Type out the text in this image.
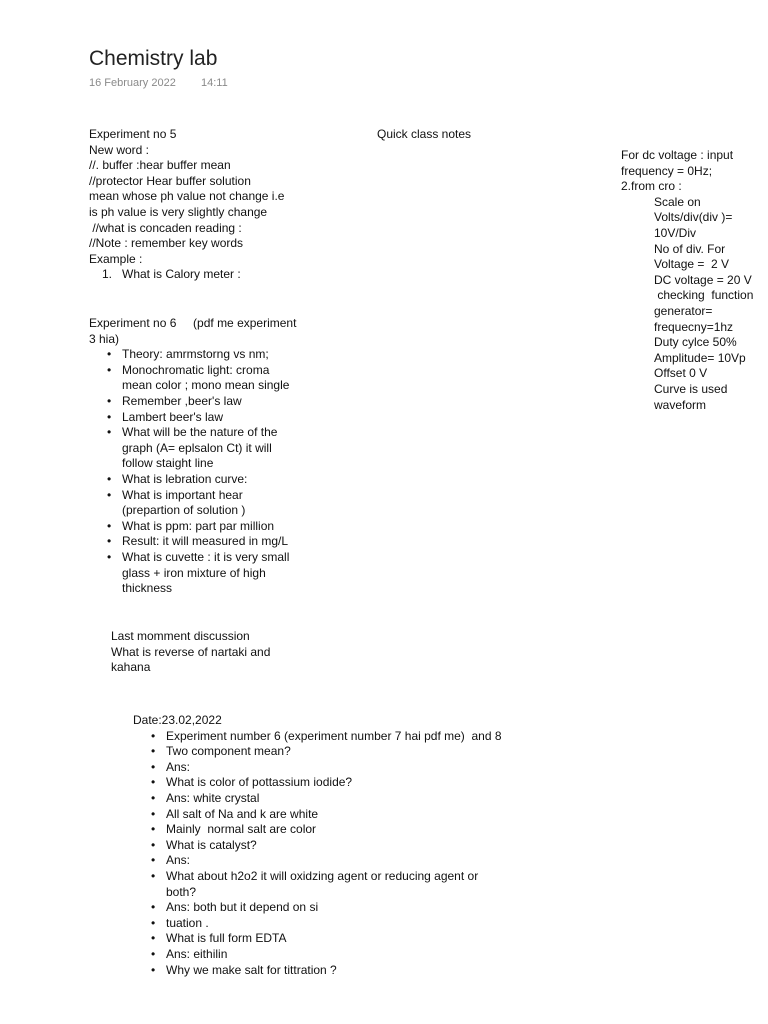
Chemistry lab
16 February 2022 14:11
Quick class notes
Experiment no 5
New word :
//. buffer :hear buffer mean
//protector Hear buffer solution
mean whose ph value not change i.e
is ph value is very slightly change
//what is concaden reading :
//Note : remember key words
Example :
1. What is Calory meter :
Experiment no 6     (pdf me experiment
3 hia)
• Theory: amrmstorng vs nm;
• Monochromatic light: croma
mean color ; mono mean single
• Remember ,beer's law
• Lambert beer's law
• What will be the nature of the
graph (A= eplsalon Ct) it will
follow staight line
• What is lebration curve:
• What is important hear
(prepartion of solution )
• What is ppm: part par million
• Result: it will measured in mg/L
• What is cuvette : it is very small
glass + iron mixture of high
thickness
Last momment discussion
What is reverse of nartaki and
kahana
Date:23.02,2022
• Experiment number 6 (experiment number 7 hai pdf me)  and 8
• Two component mean?
• Ans:
• What is color of pottassium iodide?
• Ans: white crystal
• All salt of Na and k are white
• Mainly  normal salt are color
• What is catalyst?
• Ans:
• What about h2o2 it will oxidzing agent or reducing agent or
both?
• Ans: both but it depend on si
• tuation .
• What is full form EDTA
• Ans: eithilin
• Why we make salt for tittration ?
For dc voltage : input
frequency = 0Hz;
2.from cro :
Scale on
Volts/div(div )=
10V/Div
No of div. For
Voltage =  2 V
DC voltage = 20 V
checking  function
generator=
frequecny=1hz
Duty cylce 50%
Amplitude= 10Vp
Offset 0 V
Curve is used
waveform
